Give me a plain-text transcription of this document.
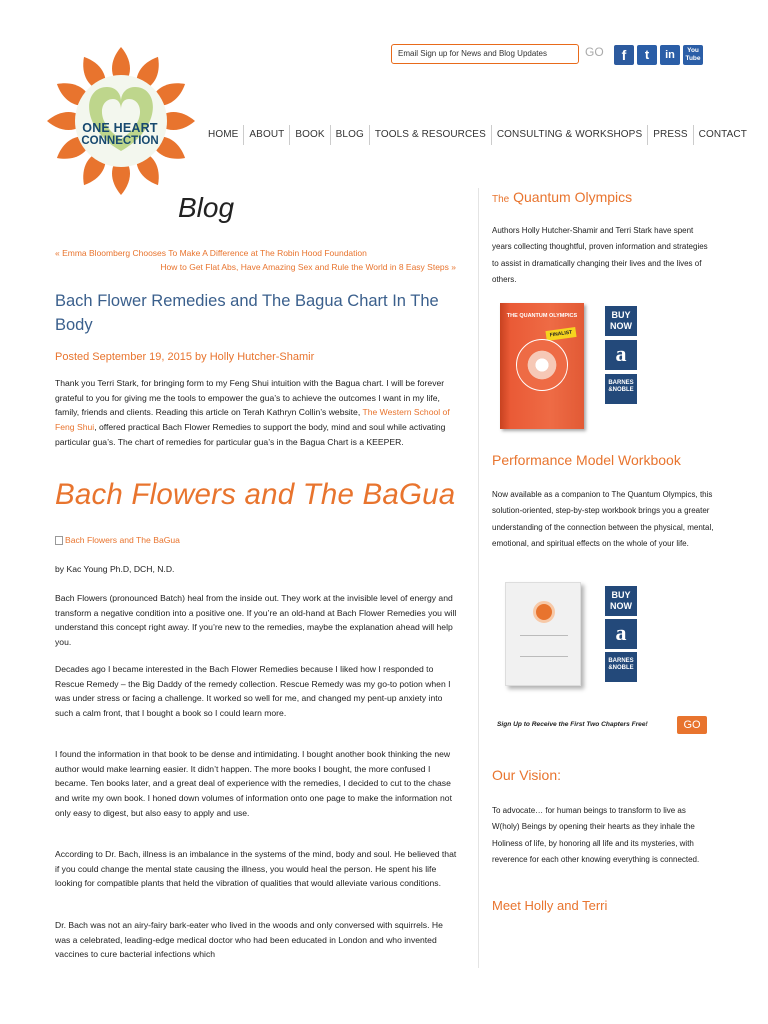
ONE HEART
CONNECTION
Email Sign up for News and Blog Updates	GO	f	t	in	You
Tube
HOME	ABOUT	BOOK	BLOG	TOOLS & RESOURCES	CONSULTING & WORKSHOPS	PRESS	CONTACT
Blog
« Emma Bloomberg Chooses To Make A Difference at The Robin Hood Foundation
How to Get Flat Abs, Have Amazing Sex and Rule the World in 8 Easy Steps »
Bach Flower Remedies and The Bagua Chart In The Body
Posted September 19, 2015 by Holly Hutcher-Shamir
Thank you Terri Stark, for bringing form to my Feng Shui intuition with the Bagua chart. I will be forever grateful to you for giving me the tools to empower the gua’s to achieve the outcomes I want in my life, family, friends and clients. Reading this article on Terah Kathryn Collin’s website, The Western School of Feng Shui, offered practical Bach Flower Remedies to support the body, mind and soul while activating particular gua’s. The chart of remedies for particular gua’s in the Bagua Chart is a KEEPER.
Bach Flowers and The BaGua
Bach Flowers and The BaGua
by Kac Young Ph.D, DCH, N.D.
Bach Flowers (pronounced Batch) heal from the inside out. They work at the invisible level of energy and transform a negative condition into a positive one. If you’re an old-hand at Bach Flower Remedies you will understand this concept right away. If you’re new to the remedies, maybe the explanation ahead will help you.
Decades ago I became interested in the Bach Flower Remedies because I liked how I responded to Rescue Remedy – the Big Daddy of the remedy collection. Rescue Remedy was my go-to potion when I was under stress or facing a challenge. It worked so well for me, and changed my pent-up anxiety into such a calm front, that I bought a book so I could learn more.
I found the information in that book to be dense and intimidating. I bought another book thinking the new author would make learning easier. It didn’t happen. The more books I bought, the more confused I became. Ten books later, and a great deal of experience with the remedies, I decided to cut to the chase and write my own book. I honed down volumes of information onto one page to make the information not only easy to digest, but also easy to apply and use.
According to Dr. Bach, illness is an imbalance in the systems of the mind, body and soul. He believed that if you could change the mental state causing the illness, you would heal the person. He spent his life looking for compatible plants that held the vibration of qualities that would alleviate various conditions.
Dr. Bach was not an airy-fairy bark-eater who lived in the woods and only conversed with squirrels. He was a celebrated, leading-edge medical doctor who had been educated in London and who invented vaccines to cure bacterial infections which
The Quantum Olympics
Authors Holly Hutcher-Shamir and Terri Stark have spent years collecting thoughtful, proven information and strategies to assist in dramatically changing their lives and the lives of others.
THE QUANTUM OLYMPICS
FINALIST
BUY NOW
a
BARNES
&NOBLE
Performance Model Workbook
Now available as a companion to The Quantum Olympics, this solution-oriented, step-by-step workbook brings you a greater understanding of the connection between the physical, mental, emotional, and spiritual effects on the whole of your life.
BUY NOW
a
BARNES
&NOBLE
Sign Up to Receive the First Two Chapters Free!	GO
Our Vision:
To advocate… for human beings to transform to live as W(holy) Beings by opening their hearts as they inhale the Holiness of life, by honoring all life and its mysteries, with reverence for each other knowing everything is connected.
Meet Holly and Terri
